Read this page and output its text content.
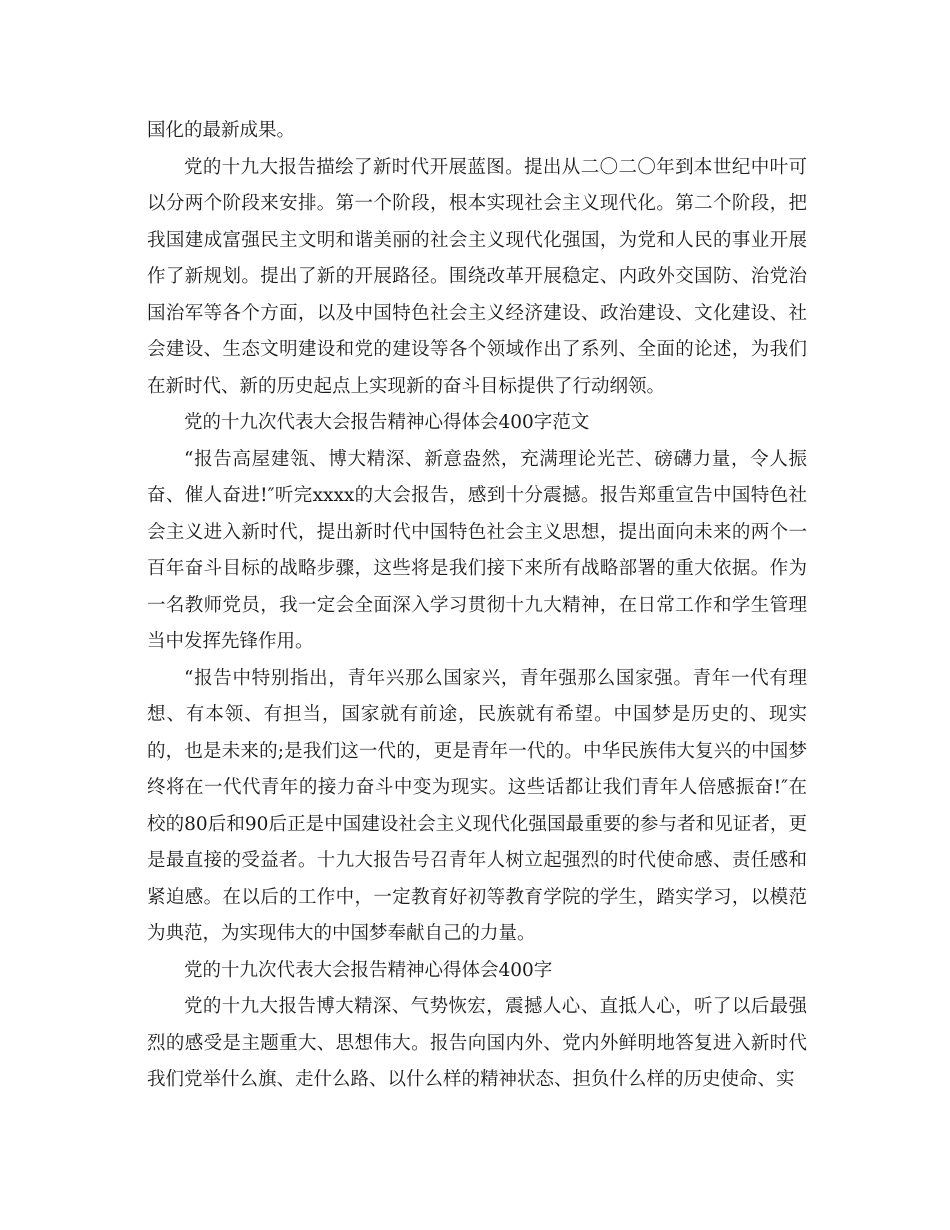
国化的最新成果。

党的十九大报告描绘了新时代开展蓝图。提出从二〇二〇年到本世纪中叶可以分两个阶段来安排。第一个阶段，根本实现社会主义现代化。第二个阶段，把我国建成富强民主文明和谐美丽的社会主义现代化强国，为党和人民的事业开展作了新规划。提出了新的开展路径。围绕改革开展稳定、内政外交国防、治党治国治军等各个方面，以及中国特色社会主义经济建设、政治建设、文化建设、社会建设、生态文明建设和党的建设等各个领域作出了系列、全面的论述，为我们在新时代、新的历史起点上实现新的奋斗目标提供了行动纲领。

党的十九次代表大会报告精神心得体会400字范文

“报告高屋建瓴、博大精深、新意盎然，充满理论光芒、磅礴力量，令人振奋、催人奋进!″听完xxxx的大会报告，感到十分震撼。报告郑重宣告中国特色社会主义进入新时代，提出新时代中国特色社会主义思想，提出面向未来的两个一百年奋斗目标的战略步骤，这些将是我们接下来所有战略部署的重大依据。作为一名教师党员，我一定会全面深入学习贯彻十九大精神，在日常工作和学生管理当中发挥先锋作用。

“报告中特别指出，青年兴那么国家兴，青年强那么国家强。青年一代有理想、有本领、有担当，国家就有前途，民族就有希望。中国梦是历史的、现实的，也是未来的;是我们这一代的，更是青年一代的。中华民族伟大复兴的中国梦终将在一代代青年的接力奋斗中变为现实。这些话都让我们青年人倍感振奋!″在校的80后和90后正是中国建设社会主义现代化强国最重要的参与者和见证者，更是最直接的受益者。十九大报告号召青年人树立起强烈的时代使命感、责任感和紧迫感。在以后的工作中，一定教育好初等教育学院的学生，踏实学习，以模范为典范，为实现伟大的中国梦奉献自己的力量。

党的十九次代表大会报告精神心得体会400字

党的十九大报告博大精深、气势恢宏，震撼人心、直抵人心，听了以后最强烈的感受是主题重大、思想伟大。报告向国内外、党内外鲜明地答复进入新时代我们党举什么旗、走什么路、以什么样的精神状态、担负什么样的历史使命、实
